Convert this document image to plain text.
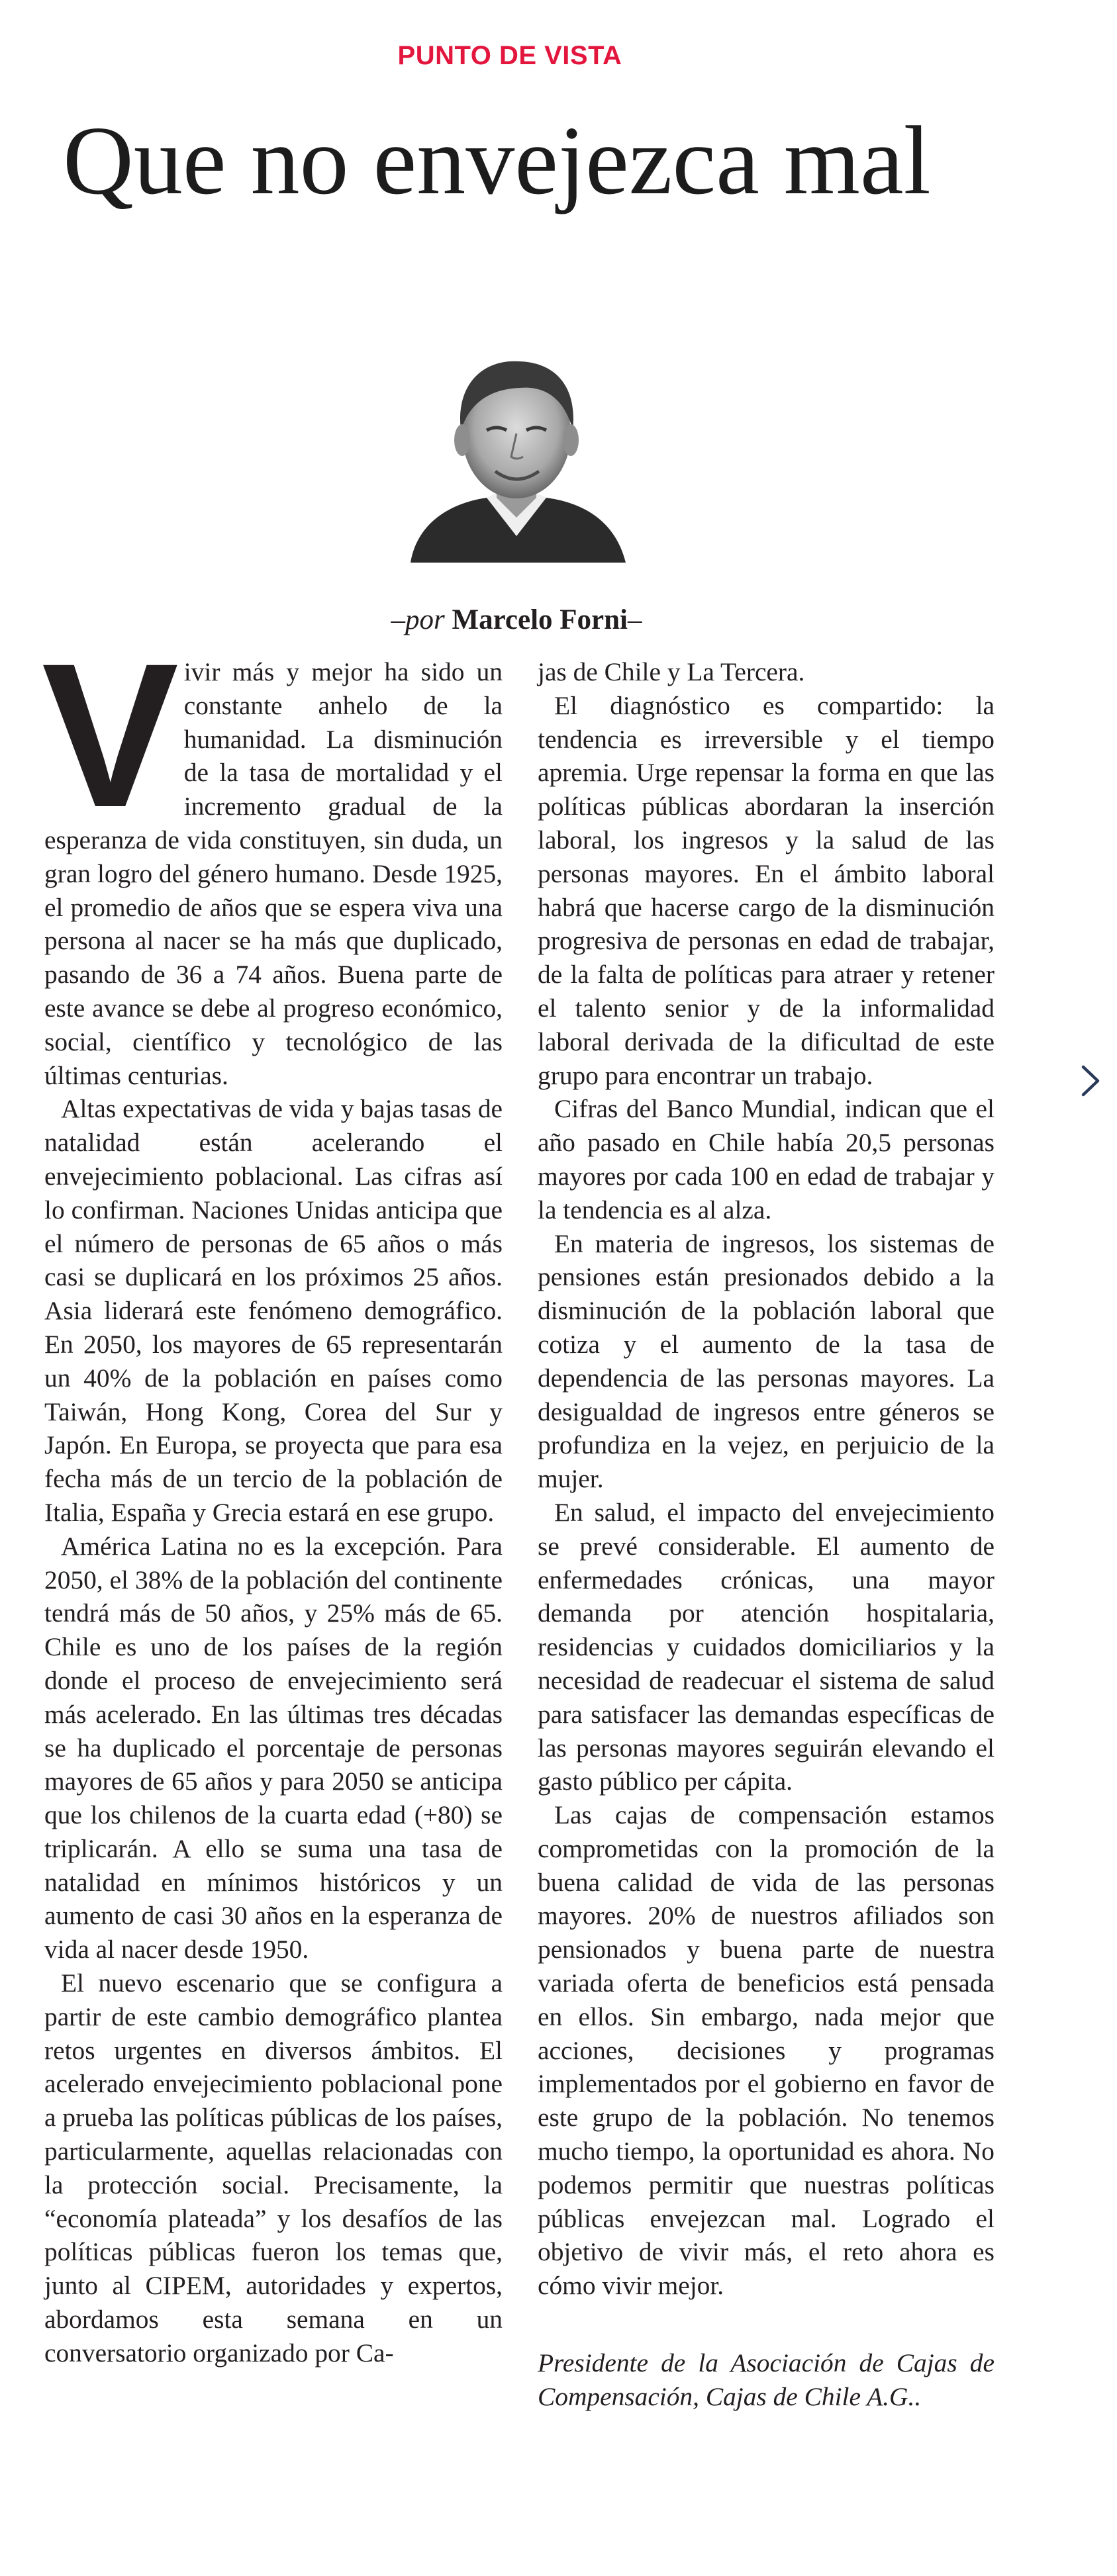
PUNTO DE VISTA
Que no envejezca mal
–por Marcelo Forni–
V ivir más y mejor ha sido un constante anhelo de la humanidad. La disminución de la tasa de mortalidad y el incremento gradual de la esperanza de vida constituyen, sin duda, un gran logro del género humano. Desde 1925, el promedio de años que se espera viva una persona al nacer se ha más que duplicado, pasando de 36 a 74 años. Buena parte de este avance se debe al progreso económico, social, científico y tecnológico de las últimas centurias.

Altas expectativas de vida y bajas tasas de natalidad están acelerando el envejecimiento poblacional. Las cifras así lo confirman. Naciones Unidas anticipa que el número de personas de 65 años o más casi se duplicará en los próximos 25 años. Asia liderará este fenómeno demográfico. En 2050, los mayores de 65 representarán un 40% de la población en países como Taiwán, Hong Kong, Corea del Sur y Japón. En Europa, se proyecta que para esa fecha más de un tercio de la población de Italia, España y Grecia estará en ese grupo.

América Latina no es la excepción. Para 2050, el 38% de la población del continente tendrá más de 50 años, y 25% más de 65. Chile es uno de los países de la región donde el proceso de envejecimiento será más acelerado. En las últimas tres décadas se ha duplicado el porcentaje de personas mayores de 65 años y para 2050 se anticipa que los chilenos de la cuarta edad (+80) se triplicarán. A ello se suma una tasa de natalidad en mínimos históricos y un aumento de casi 30 años en la esperanza de vida al nacer desde 1950.

El nuevo escenario que se configura a partir de este cambio demográfico plantea retos urgentes en diversos ámbitos. El acelerado envejecimiento poblacional pone a prueba las políticas públicas de los países, particularmente, aquellas relacionadas con la protección social. Precisamente, la “economía plateada” y los desafíos de las políticas públicas fueron los temas que, junto al CIPEM, autoridades y expertos, abordamos esta semana en un conversatorio organizado por Ca-

jas de Chile y La Tercera.

El diagnóstico es compartido: la tendencia es irreversible y el tiempo apremia. Urge repensar la forma en que las políticas públicas abordaran la inserción laboral, los ingresos y la salud de las personas mayores. En el ámbito laboral habrá que hacerse cargo de la disminución progresiva de personas en edad de trabajar, de la falta de políticas para atraer y retener el talento senior y de la informalidad laboral derivada de la dificultad de este grupo para encontrar un trabajo.

Cifras del Banco Mundial, indican que el año pasado en Chile había 20,5 personas mayores por cada 100 en edad de trabajar y la tendencia es al alza.

En materia de ingresos, los sistemas de pensiones están presionados debido a la disminución de la población laboral que cotiza y el aumento de la tasa de dependencia de las personas mayores. La desigualdad de ingresos entre géneros se profundiza en la vejez, en perjuicio de la mujer.

En salud, el impacto del envejecimiento se prevé considerable. El aumento de enfermedades crónicas, una mayor demanda por atención hospitalaria, residencias y cuidados domiciliarios y la necesidad de readecuar el sistema de salud para satisfacer las demandas específicas de las personas mayores seguirán elevando el gasto público per cápita.

Las cajas de compensación estamos comprometidas con la promoción de la buena calidad de vida de las personas mayores. 20% de nuestros afiliados son pensionados y buena parte de nuestra variada oferta de beneficios está pensada en ellos. Sin embargo, nada mejor que acciones, decisiones y programas implementados por el gobierno en favor de este grupo de la población. No tenemos mucho tiempo, la oportunidad es ahora. No podemos permitir que nuestras políticas públicas envejezcan mal. Logrado el objetivo de vivir más, el reto ahora es cómo vivir mejor.

Presidente de la Asociación de Cajas de Compensación, Cajas de Chile A.G..
